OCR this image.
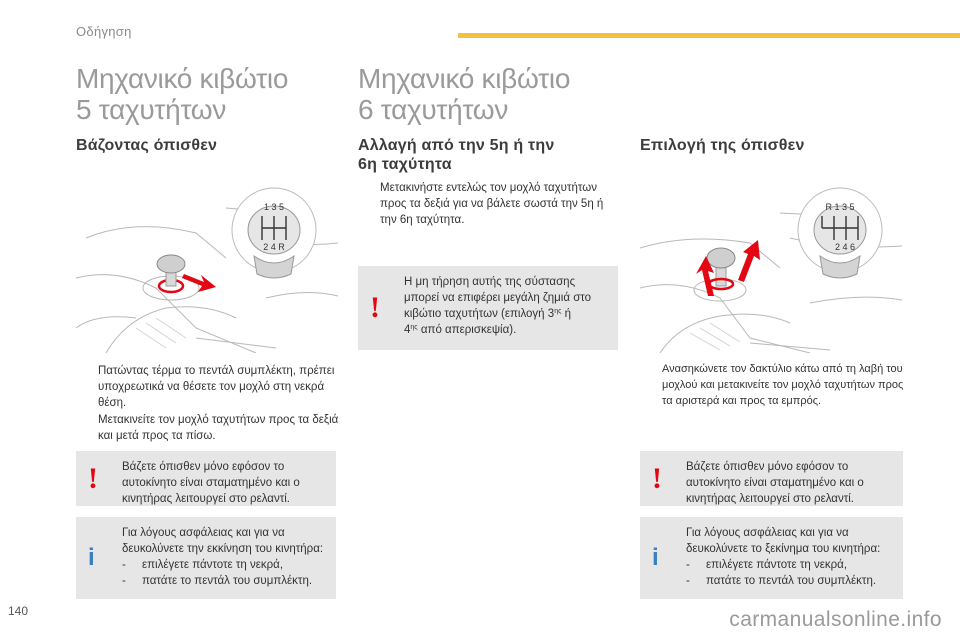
Οδήγηση
Μηχανικό κιβώτιο
5 ταχυτήτων
Βάζοντας όπισθεν
1 3 5
2 4 R
Πατώντας τέρμα το πεντάλ συμπλέκτη, πρέπει υποχρεωτικά να θέσετε τον μοχλό στη νεκρά θέση.
Μετακινείτε τον μοχλό ταχυτήτων προς τα δεξιά και μετά προς τα πίσω.
! Βάζετε όπισθεν μόνο εφόσον το αυτοκίνητο είναι σταματημένο και ο κινητήρας λειτουργεί στο ρελαντί.
i
Για λόγους ασφάλειας και για να δευκολύνετε την εκκίνηση του κινητήρα:
- επιλέγετε πάντοτε τη νεκρά,
- πατάτε το πεντάλ του συμπλέκτη.
Μηχανικό κιβώτιο
6 ταχυτήτων
Αλλαγή από την 5η ή την
6η ταχύτητα
Μετακινήστε εντελώς τον μοχλό ταχυτήτων προς τα δεξιά για να βάλετε σωστά την 5η ή την 6η ταχύτητα.
!
Η μη τήρηση αυτής της σύστασης μπορεί να επιφέρει μεγάλη ζημιά στο κιβώτιο ταχυτήτων (επιλογή $3^{\eta\varsigma}$ ή
$4^{\eta\varsigma}$ από απερισκεψία).
Επιλογή της όπισθεν
R 1 3 5
2 4 6
Ανασηκώνετε τον δακτύλιο κάτω από τη λαβή του μοχλού και μετακινείτε τον μοχλό ταχυτήτων προς τα αριστερά και προς τα εμπρός.
! Βάζετε όπισθεν μόνο εφόσον το αυτοκίνητο είναι σταματημένο και ο κινητήρας λειτουργεί στο ρελαντί.
i
Για λόγους ασφάλειας και για να δευκολύνετε το ξεκίνημα του κινητήρα:
- επιλέγετε πάντοτε τη νεκρά,
- πατάτε το πεντάλ του συμπλέκτη.
140	carmanualsonline.info
